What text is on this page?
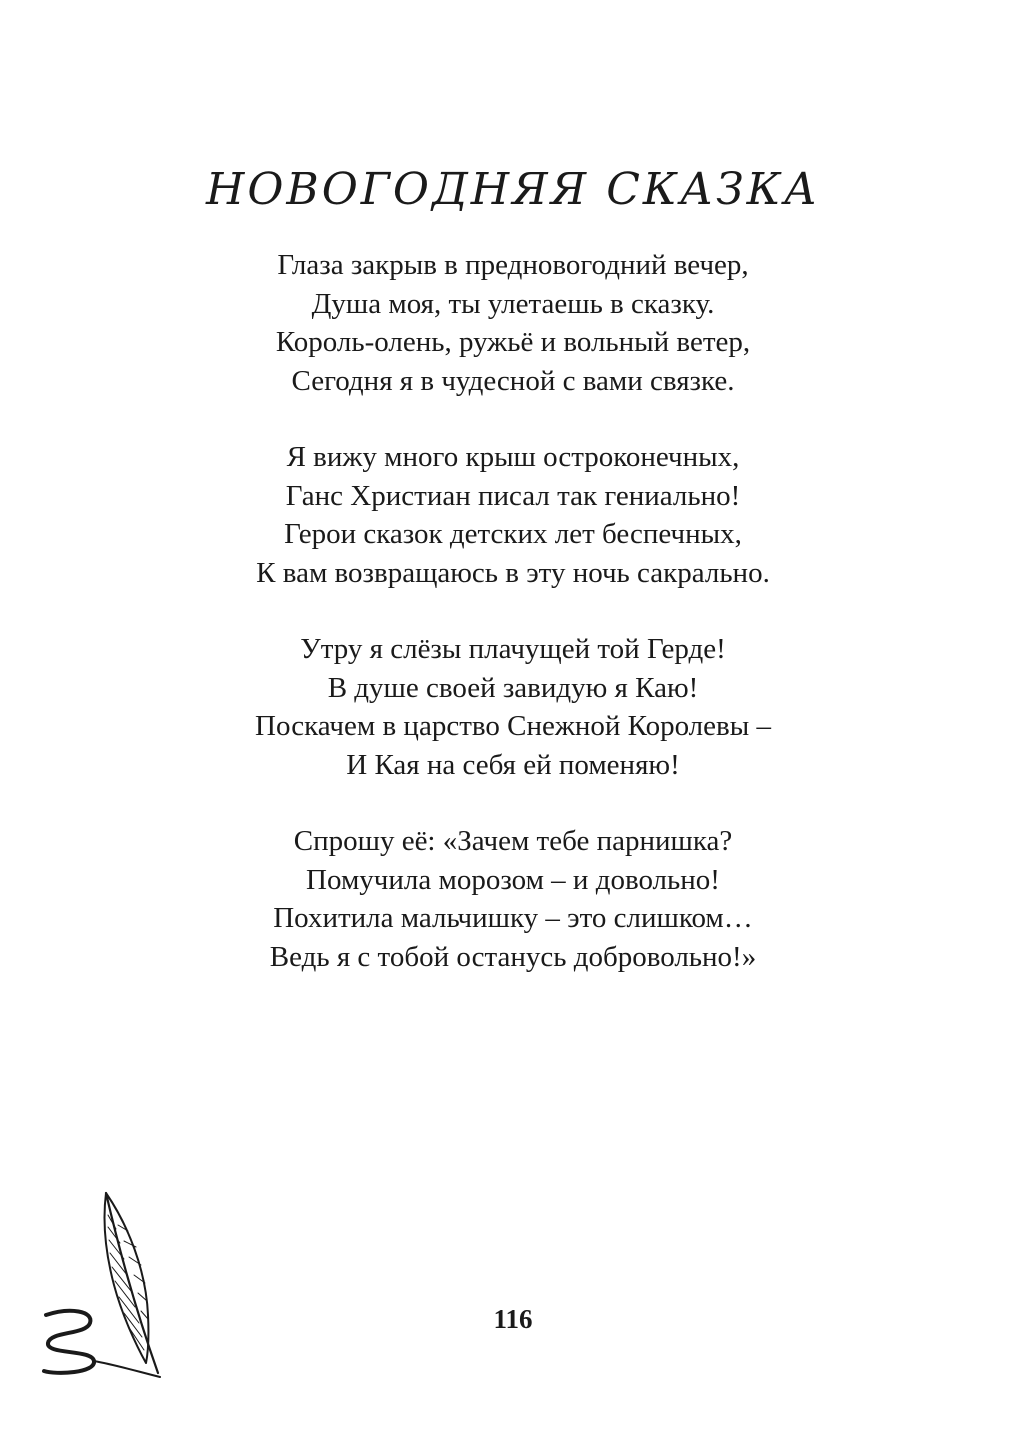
НОВОГОДНЯЯ СКАЗКА
Глаза закрыв в предновогодний вечер,
Душа моя, ты улетаешь в сказку.
Король-олень, ружьё и вольный ветер,
Сегодня я в чудесной с вами связке.
Я вижу много крыш остроконечных,
Ганс Христиан писал так гениально!
Герои сказок детских лет беспечных,
К вам возвращаюсь в эту ночь сакрально.
Утру я слёзы плачущей той Герде!
В душе своей завидую я Каю!
Поскачем в царство Снежной Королевы –
И Кая на себя ей поменяю!
Спрошу её: «Зачем тебе парнишка?
Помучила морозом – и довольно!
Похитила мальчишку – это слишком…
Ведь я с тобой останусь добровольно!»
116
